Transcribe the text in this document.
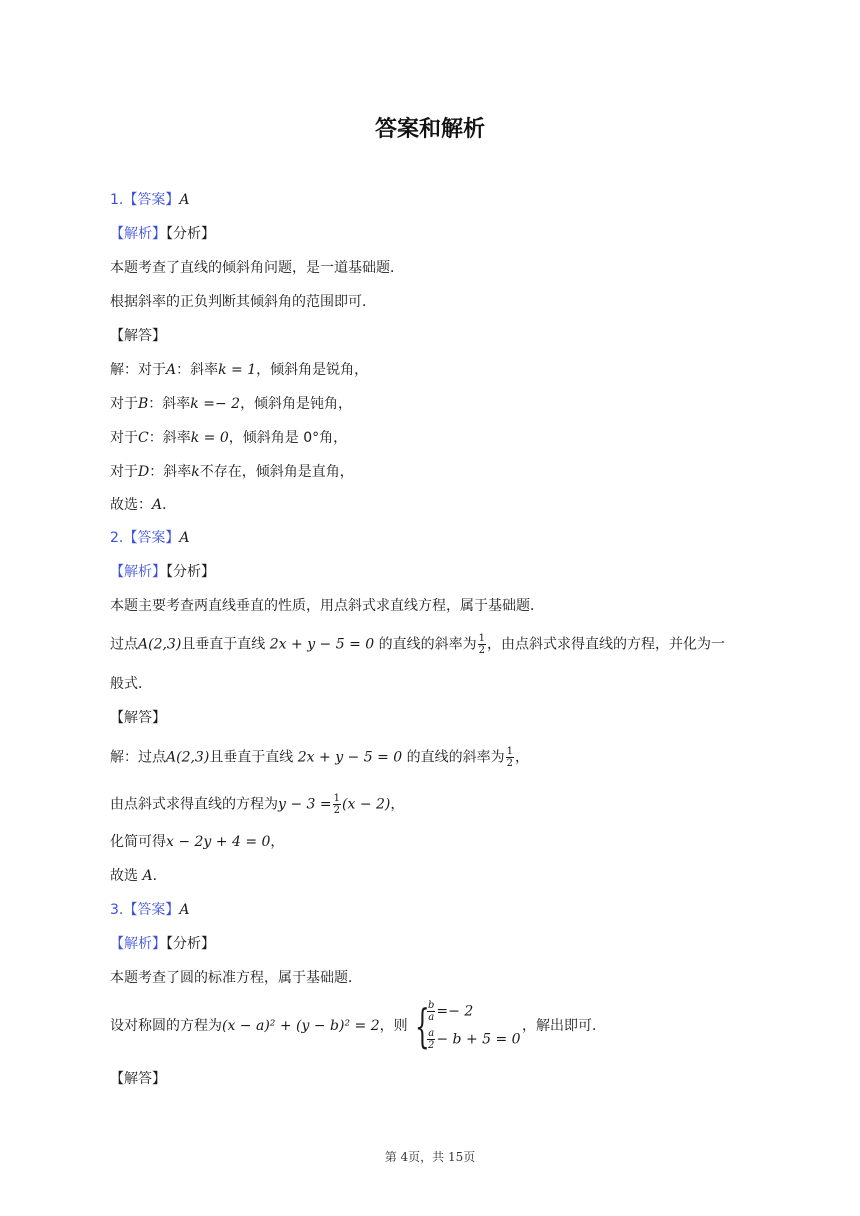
答案和解析
1.【答案】A
【解析】【分析】
本题考查了直线的倾斜角问题，是一道基础题．
根据斜率的正负判断其倾斜角的范围即可．
【解答】
解：对于A：斜率k = 1，倾斜角是锐角，
对于B：斜率k =− 2，倾斜角是钝角，
对于C：斜率k = 0，倾斜角是 0°角，
对于D：斜率k不存在，倾斜角是直角，
故选：A．
2.【答案】A
【解析】【分析】
本题主要考查两直线垂直的性质，用点斜式求直线方程，属于基础题．
过点A(2,3)且垂直于直线 2x + y − 5 = 0 的直线的斜率为 $\frac{1}{2}$ ，由点斜式求得直线的方程，并化为一
般式．
【解答】
解：过点A(2,3)且垂直于直线 2x + y − 5 = 0 的直线的斜率为 $\frac{1}{2}$ ，
由点斜式求得直线的方程为$y - 3 = \frac{1}{2} (x - 2)$，
化简可得x − 2y + 4 = 0，
故选 A．
3.【答案】A
【解析】【分析】
本题考查了圆的标准方程，属于基础题．
设对称圆的方程为(x − a)² + (y − b)² = 2，则 {
$\frac{b}{a} =- 2$
$\frac{a}{2} - b + 5 = 0$
，解出即可．
【解答】
第 4页，共 15页
